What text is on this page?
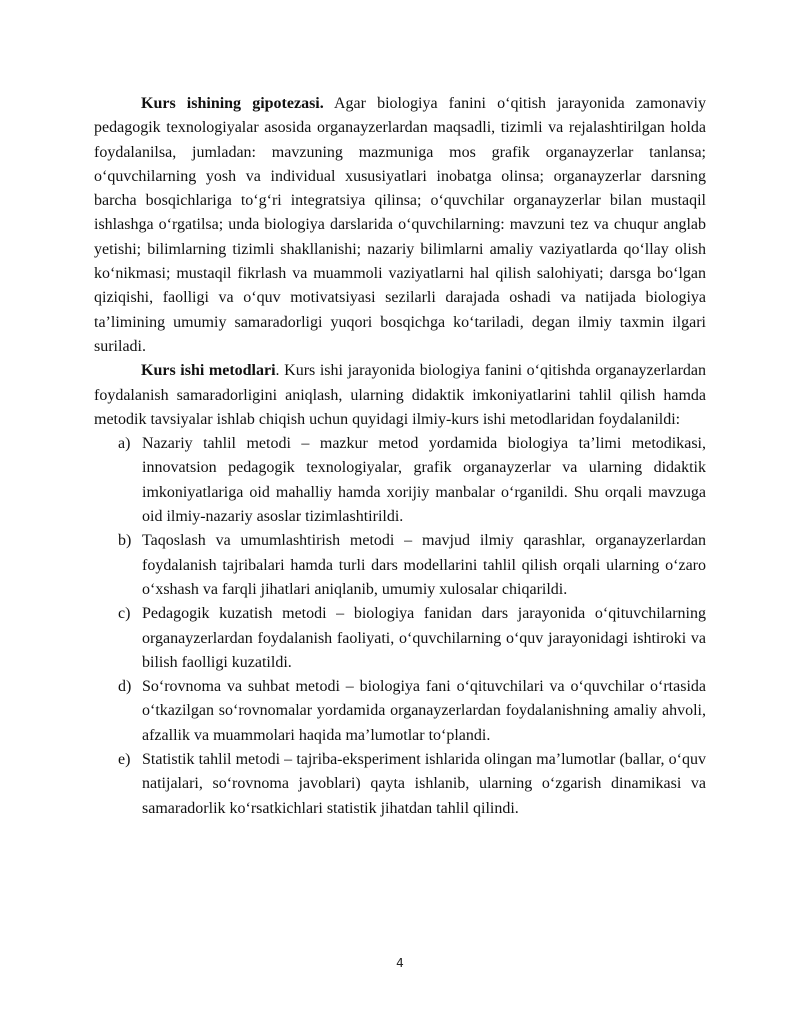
Kurs ishining gipotezasi. Agar biologiya fanini o‘qitish jarayonida zamonaviy pedagogik texnologiyalar asosida organayzerlardan maqsadli, tizimli va rejalashtirilgan holda foydalanilsa, jumladan: mavzuning mazmuniga mos grafik organayzerlar tanlansa; o‘quvchilarning yosh va individual xususiyatlari inobatga olinsa; organayzerlar darsning barcha bosqichlariga to‘g‘ri integratsiya qilinsa; o‘quvchilar organayzerlar bilan mustaqil ishlashga o‘rgatilsa; unda biologiya darslarida o‘quvchilarning: mavzuni tez va chuqur anglab yetishi; bilimlarning tizimli shakllanishi; nazariy bilimlarni amaliy vaziyatlarda qo‘llay olish ko‘nikmasi; mustaqil fikrlash va muammoli vaziyatlarni hal qilish salohiyati; darsga bo‘lgan qiziqishi, faolligi va o‘quv motivatsiyasi sezilarli darajada oshadi va natijada biologiya ta’limining umumiy samaradorligi yuqori bosqichga ko‘tariladi, degan ilmiy taxmin ilgari suriladi.

Kurs ishi metodlari. Kurs ishi jarayonida biologiya fanini o‘qitishda organayzerlardan foydalanish samaradorligini aniqlash, ularning didaktik imkoniyatlarini tahlil qilish hamda metodik tavsiyalar ishlab chiqish uchun quyidagi ilmiy-kurs ishi metodlaridan foydalanildi:

a) Nazariy tahlil metodi – mazkur metod yordamida biologiya ta’limi metodikasi, innovatsion pedagogik texnologiyalar, grafik organayzerlar va ularning didaktik imkoniyatlariga oid mahalliy hamda xorijiy manbalar o‘rganildi. Shu orqali mavzuga oid ilmiy-nazariy asoslar tizimlashtirildi.
b) Taqoslash va umumlashtirish metodi – mavjud ilmiy qarashlar, organayzerlardan foydalanish tajribalari hamda turli dars modellarini tahlil qilish orqali ularning o‘zaro o‘xshash va farqli jihatlari aniqlanib, umumiy xulosalar chiqarildi.
c) Pedagogik kuzatish metodi – biologiya fanidan dars jarayonida o‘qituvchilarning organayzerlardan foydalanish faoliyati, o‘quvchilarning o‘quv jarayonidagi ishtiroki va bilish faolligi kuzatildi.
d) So‘rovnoma va suhbat metodi – biologiya fani o‘qituvchilari va o‘quvchilar o‘rtasida o‘tkazilgan so‘rovnomalar yordamida organayzerlardan foydalanishning amaliy ahvoli, afzallik va muammolari haqida ma’lumotlar to‘plandi.
e) Statistik tahlil metodi – tajriba-eksperiment ishlarida olingan ma’lumotlar (ballar, o‘quv natijalari, so‘rovnoma javoblari) qayta ishlanib, ularning o‘zgarish dinamikasi va samaradorlik ko‘rsatkichlari statistik jihatdan tahlil qilindi.
4
